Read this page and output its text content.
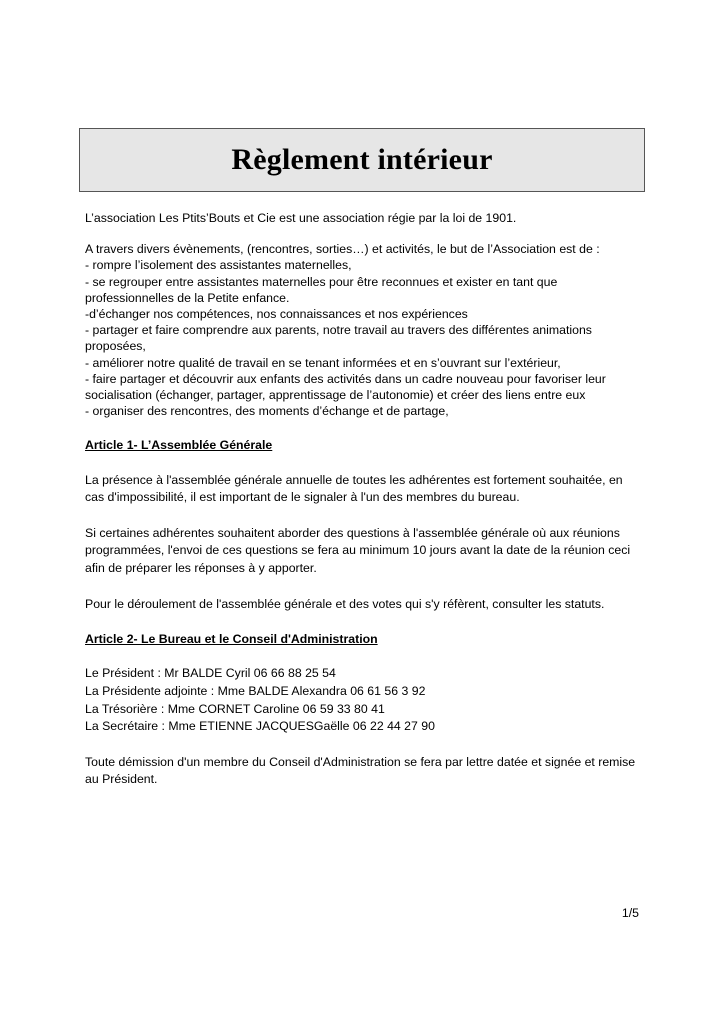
Règlement intérieur

L’association Les Ptits’Bouts et Cie est une association régie par la loi de 1901.

A travers divers évènements, (rencontres, sorties…) et activités, le but de l’Association est de :

- rompre l’isolement des assistantes maternelles,

- se regrouper entre assistantes maternelles pour être reconnues et exister en tant que professionnelles de la Petite enfance.

-d’échanger nos compétences, nos connaissances et nos expériences

- partager et faire comprendre aux parents, notre travail au travers des différentes animations proposées,

- améliorer notre qualité de travail en se tenant informées et en s’ouvrant sur l’extérieur,

- faire partager et découvrir aux enfants des activités dans un cadre nouveau pour favoriser leur socialisation (échanger, partager, apprentissage de l’autonomie) et créer des liens entre eux

- organiser des rencontres, des moments d’échange et de partage,

Article 1- L’Assemblée Générale

La présence à l'assemblée générale annuelle de toutes les adhérentes est fortement souhaitée, en cas d'impossibilité, il est important de le signaler à l'un des membres du bureau.

Si certaines adhérentes souhaitent aborder des questions à l'assemblée générale où aux réunions programmées, l'envoi de ces questions se fera au minimum 10 jours avant la date de la réunion ceci afin de préparer les réponses à y apporter.

Pour le déroulement de l'assemblée générale et des votes qui s'y réfèrent, consulter les statuts.

Article 2- Le Bureau et le Conseil d'Administration

Le Président : Mr BALDE Cyril 06 66 88 25 54

La Présidente adjointe : Mme BALDE Alexandra 06 61 56 3 92

La Trésorière : Mme CORNET Caroline 06 59 33 80 41

La Secrétaire : Mme ETIENNE JACQUESGaëlle 06 22 44 27 90

Toute démission d'un membre du Conseil d'Administration se fera par lettre datée et signée et remise au Président.

1/5
